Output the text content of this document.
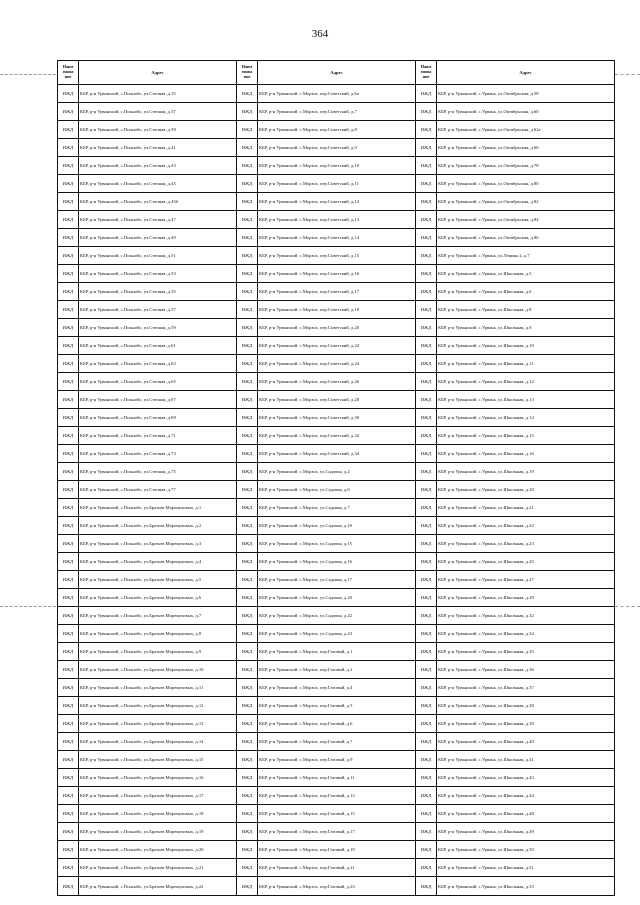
364
Наим енова ние	Адрес	Наим енова ние	Адрес	Наим енова ние	Адрес
ИЖД	КБР, р-н Урванский, с.Псынабо, ул.Степная, д.35	ИЖД	КБР, р-н Урванский, с.Морзох, пер.Советский, д.6а	ИЖД	КБР, р-н Урванский, с.Урвань, ул.Октябрьская, д.58
ИЖД	КБР, р-н Урванский, с.Псынабо, ул.Степная, д.37	ИЖД	КБР, р-н Урванский, с.Морзох, пер.Советский, д.7	ИЖД	КБР, р-н Урванский, с.Урвань, ул.Октябрьская, д.60
ИЖД	КБР, р-н Урванский, с.Псынабо, ул.Степная, д.39	ИЖД	КБР, р-н Урванский, с.Морзох, пер.Советский, д.8	ИЖД	КБР, р-н Урванский, с.Урвань, ул.Октябрьская, д.62а
ИЖД	КБР, р-н Урванский, с.Псынабо, ул.Степная, д.41	ИЖД	КБР, р-н Урванский, с.Морзох, пер.Советский, д.9	ИЖД	КБР, р-н Урванский, с.Урвань, ул.Октябрьская, д.66
ИЖД	КБР, р-н Урванский, с.Псынабо, ул.Степная, д.43	ИЖД	КБР, р-н Урванский, с.Морзох, пер.Советский, д.10	ИЖД	КБР, р-н Урванский, с.Урвань, ул.Октябрьская, д.78
ИЖД	КБР, р-н Урванский, с.Псынабо, ул.Степная, д.45	ИЖД	КБР, р-н Урванский, с.Морзох, пер.Советский, д.11	ИЖД	КБР, р-н Урванский, с.Урвань, ул.Октябрьская, д.80
ИЖД	КБР, р-н Урванский, с.Псынабо, ул.Степная, д.45б	ИЖД	КБР, р-н Урванский, с.Морзох, пер.Советский, д.12	ИЖД	КБР, р-н Урванский, с.Урвань, ул.Октябрьская, д.82
ИЖД	КБР, р-н Урванский, с.Псынабо, ул.Степная, д.47	ИЖД	КБР, р-н Урванский, с.Морзох, пер.Советский, д.13	ИЖД	КБР, р-н Урванский, с.Урвань, ул.Октябрьская, д.84
ИЖД	КБР, р-н Урванский, с.Псынабо, ул.Степная, д.49	ИЖД	КБР, р-н Урванский, с.Морзох, пер.Советский, д.14	ИЖД	КБР, р-н Урванский, с.Урвань, ул.Октябрьская, д.86
ИЖД	КБР, р-н Урванский, с.Псынабо, ул.Степная, д.51	ИЖД	КБР, р-н Урванский, с.Морзох, пер.Советский, д.15	ИЖД	КБР, р-н Урванский, с.Урвань, ул.Ленина 2, д.7
ИЖД	КБР, р-н Урванский, с.Псынабо, ул.Степная, д.53	ИЖД	КБР, р-н Урванский, с.Морзох, пер.Советский, д.16	ИЖД	КБР, р-н Урванский, с.Урвань, ул.Школьная, д.5
ИЖД	КБР, р-н Урванский, с.Псынабо, ул.Степная, д.55	ИЖД	КБР, р-н Урванский, с.Морзох, пер.Советский, д.17	ИЖД	КБР, р-н Урванский, с.Урвань, ул.Школьная, д.6
ИЖД	КБР, р-н Урванский, с.Псынабо, ул.Степная, д.57	ИЖД	КБР, р-н Урванский, с.Морзох, пер.Советский, д.18	ИЖД	КБР, р-н Урванский, с.Урвань, ул.Школьная, д.8
ИЖД	КБР, р-н Урванский, с.Псынабо, ул.Степная, д.59	ИЖД	КБР, р-н Урванский, с.Морзох, пер.Советский, д.20	ИЖД	КБР, р-н Урванский, с.Урвань, ул.Школьная, д.9
ИЖД	КБР, р-н Урванский, с.Псынабо, ул.Степная, д.61	ИЖД	КБР, р-н Урванский, с.Морзох, пер.Советский, д.22	ИЖД	КБР, р-н Урванский, с.Урвань, ул.Школьная, д.10
ИЖД	КБР, р-н Урванский, с.Псынабо, ул.Степная, д.63	ИЖД	КБР, р-н Урванский, с.Морзох, пер.Советский, д.24	ИЖД	КБР, р-н Урванский, с.Урвань, ул.Школьная, д.11
ИЖД	КБР, р-н Урванский, с.Псынабо, ул.Степная, д.65	ИЖД	КБР, р-н Урванский, с.Морзох, пер.Советский, д.26	ИЖД	КБР, р-н Урванский, с.Урвань, ул.Школьная, д.12
ИЖД	КБР, р-н Урванский, с.Псынабо, ул.Степная, д.67	ИЖД	КБР, р-н Урванский, с.Морзох, пер.Советский, д.28	ИЖД	КБР, р-н Урванский, с.Урвань, ул.Школьная, д.13
ИЖД	КБР, р-н Урванский, с.Псынабо, ул.Степная, д.69	ИЖД	КБР, р-н Урванский, с.Морзох, пер.Советский, д.30	ИЖД	КБР, р-н Урванский, с.Урвань, ул.Школьная, д.14
ИЖД	КБР, р-н Урванский, с.Псынабо, ул.Степная, д.71	ИЖД	КБР, р-н Урванский, с.Морзох, пер.Советский, д.32	ИЖД	КБР, р-н Урванский, с.Урвань, ул.Школьная, д.15
ИЖД	КБР, р-н Урванский, с.Псынабо, ул.Степная, д.73	ИЖД	КБР, р-н Урванский, с.Морзох, пер.Советский, д.34	ИЖД	КБР, р-н Урванский, с.Урвань, ул.Школьная, д.16
ИЖД	КБР, р-н Урванский, с.Псынабо, ул.Степная, д.75	ИЖД	КБР, р-н Урванский, с.Морзох, ул.Садовая, д.2	ИЖД	КБР, р-н Урванский, с.Урвань, ул.Школьная, д.19
ИЖД	КБР, р-н Урванский, с.Псынабо, ул.Степная, д.77	ИЖД	КБР, р-н Урванский, с.Морзох, ул.Садовая, д.6	ИЖД	КБР, р-н Урванский, с.Урвань, ул.Школьная, д.20
ИЖД	КБР, р-н Урванский, с.Псынабо, ул.Братьев Маремуковых, д.1	ИЖД	КБР, р-н Урванский, с.Морзох, ул.Садовая, д.7	ИЖД	КБР, р-н Урванский, с.Урвань, ул.Школьная, д.21
ИЖД	КБР, р-н Урванский, с.Псынабо, ул.Братьев Маремуковых, д.2	ИЖД	КБР, р-н Урванский, с.Морзох, ул.Садовая, д.10	ИЖД	КБР, р-н Урванский, с.Урвань, ул.Школьная, д.22
ИЖД	КБР, р-н Урванский, с.Псынабо, ул.Братьев Маремуковых, д.3	ИЖД	КБР, р-н Урванский, с.Морзох, ул.Садовая, д.15	ИЖД	КБР, р-н Урванский, с.Урвань, ул.Школьная, д.23
ИЖД	КБР, р-н Урванский, с.Псынабо, ул.Братьев Маремуковых, д.4	ИЖД	КБР, р-н Урванский, с.Морзох, ул.Садовая, д.16	ИЖД	КБР, р-н Урванский, с.Урвань, ул.Школьная, д.25
ИЖД	КБР, р-н Урванский, с.Псынабо, ул.Братьев Маремуковых, д.5	ИЖД	КБР, р-н Урванский, с.Морзох, ул.Садовая, д.17	ИЖД	КБР, р-н Урванский, с.Урвань, ул.Школьная, д.27
ИЖД	КБР, р-н Урванский, с.Псынабо, ул.Братьев Маремуковых, д.6	ИЖД	КБР, р-н Урванский, с.Морзох, ул.Садовая, д.20	ИЖД	КБР, р-н Урванский, с.Урвань, ул.Школьная, д.29
ИЖД	КБР, р-н Урванский, с.Псынабо, ул.Братьев Маремуковых, д.7	ИЖД	КБР, р-н Урванский, с.Морзох, ул.Садовая, д.22	ИЖД	КБР, р-н Урванский, с.Урвань, ул.Школьная, д.32
ИЖД	КБР, р-н Урванский, с.Псынабо, ул.Братьев Маремуковых, д.8	ИЖД	КБР, р-н Урванский, с.Морзох, ул.Садовая, д.23	ИЖД	КБР, р-н Урванский, с.Урвань, ул.Школьная, д.34
ИЖД	КБР, р-н Урванский, с.Псынабо, ул.Братьев Маремуковых, д.9	ИЖД	КБР, р-н Урванский, с.Морзох, пер.Газовый, д.1	ИЖД	КБР, р-н Урванский, с.Урвань, ул.Школьная, д.35
ИЖД	КБР, р-н Урванский, с.Псынабо, ул.Братьев Маремуковых, д.10	ИЖД	КБР, р-н Урванский, с.Морзох, пер.Газовый, д.2	ИЖД	КБР, р-н Урванский, с.Урвань, ул.Школьная, д.36
ИЖД	КБР, р-н Урванский, с.Псынабо, ул.Братьев Маремуковых, д.11	ИЖД	КБР, р-н Урванский, с.Морзох, пер.Газовый, д.4	ИЖД	КБР, р-н Урванский, с.Урвань, ул.Школьная, д.37
ИЖД	КБР, р-н Урванский, с.Псынабо, ул.Братьев Маремуковых, д.12	ИЖД	КБР, р-н Урванский, с.Морзох, пер.Газовый, д.5	ИЖД	КБР, р-н Урванский, с.Урвань, ул.Школьная, д.38
ИЖД	КБР, р-н Урванский, с.Псынабо, ул.Братьев Маремуковых, д.13	ИЖД	КБР, р-н Урванский, с.Морзох, пер.Газовый, д.6	ИЖД	КБР, р-н Урванский, с.Урвань, ул.Школьная, д.39
ИЖД	КБР, р-н Урванский, с.Псынабо, ул.Братьев Маремуковых, д.14	ИЖД	КБР, р-н Урванский, с.Морзох, пер.Газовый, д.7	ИЖД	КБР, р-н Урванский, с.Урвань, ул.Школьная, д.40
ИЖД	КБР, р-н Урванский, с.Псынабо, ул.Братьев Маремуковых, д.15	ИЖД	КБР, р-н Урванский, с.Морзох, пер.Газовый, д.9	ИЖД	КБР, р-н Урванский, с.Урвань, ул.Школьная, д.41
ИЖД	КБР, р-н Урванский, с.Псынабо, ул.Братьев Маремуковых, д.16	ИЖД	КБР, р-н Урванский, с.Морзох, пер.Газовый, д.11	ИЖД	КБР, р-н Урванский, с.Урвань, ул.Школьная, д.43
ИЖД	КБР, р-н Урванский, с.Псынабо, ул.Братьев Маремуковых, д.17	ИЖД	КБР, р-н Урванский, с.Морзох, пер.Газовый, д.13	ИЖД	КБР, р-н Урванский, с.Урвань, ул.Школьная, д.44
ИЖД	КБР, р-н Урванский, с.Псынабо, ул.Братьев Маремуковых, д.18	ИЖД	КБР, р-н Урванский, с.Морзох, пер.Газовый, д.15	ИЖД	КБР, р-н Урванский, с.Урвань, ул.Школьная, д.48
ИЖД	КБР, р-н Урванский, с.Псынабо, ул.Братьев Маремуковых, д.19	ИЖД	КБР, р-н Урванский, с.Морзох, пер.Газовый, д.17	ИЖД	КБР, р-н Урванский, с.Урвань, ул.Школьная, д.49
ИЖД	КБР, р-н Урванский, с.Псынабо, ул.Братьев Маремуковых, д.20	ИЖД	КБР, р-н Урванский, с.Морзох, пер.Газовый, д.19	ИЖД	КБР, р-н Урванский, с.Урвань, ул.Школьная, д.50
ИЖД	КБР, р-н Урванский, с.Псынабо, ул.Братьев Маремуковых, д.21	ИЖД	КБР, р-н Урванский, с.Морзох, пер.Газовый, д.21	ИЖД	КБР, р-н Урванский, с.Урвань, ул.Школьная, д.51
ИЖД	КБР, р-н Урванский, с.Псынабо, ул.Братьев Маремуковых, д.22	ИЖД	КБР, р-н Урванский, с.Морзох, пер.Газовый, д.23	ИЖД	КБР, р-н Урванский, с.Урвань, ул.Школьная, д.53
